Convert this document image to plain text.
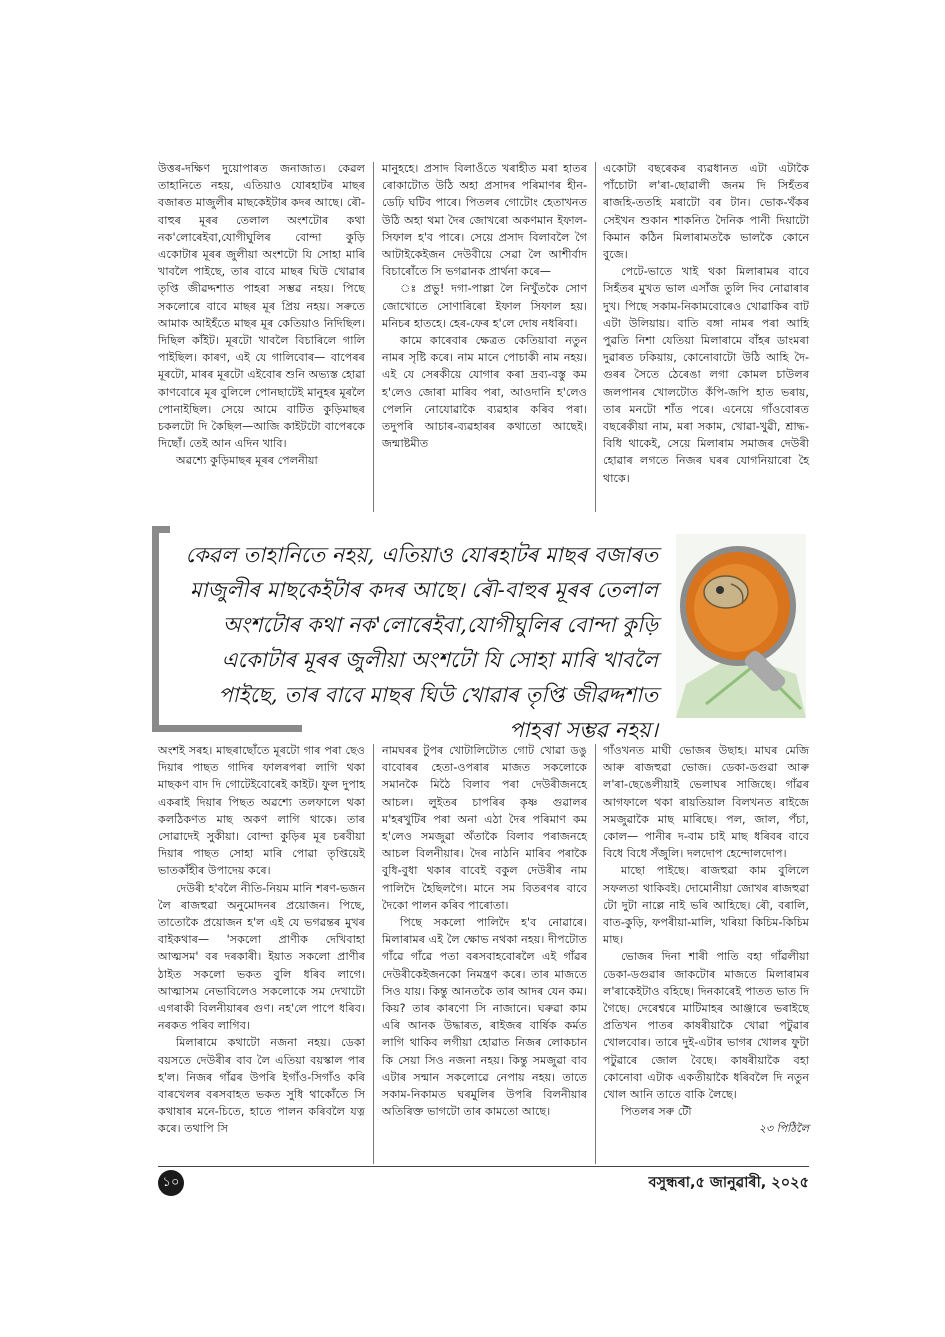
উত্তৰ-দক্ষিণ দুয়োপাৰত জনাজাত। কেৱল তাহানিতে নহয়, এতিয়াও যোৰহাটৰ মাছৰ বজাৰত মাজুলীৰ মাছকেইটাৰ কদৰ আছে। ৰৌ-বাহুৰ মূৰৰ তেলাল অংশটোৰ কথা নক'লোৰেইবা,যোগীঘুলিৰ বোন্দা কুড়ি একোটাৰ মূৰৰ জুলীয়া অংশটো যি সোহা মাৰি খাবলৈ পাইছে, তাৰ বাবে মাছৰ ঘিউ খোৱাৰ তৃপ্তি জীৱদ্দশাত পাহৰা সম্ভৱ নহয়। পিছে সকলোৰে বাবে মাছৰ মূৰ প্ৰিয় নহয়। সৰুতে আমাক আইহঁতে মাছৰ মূৰ কেতিয়াও নিদিছিল। দিছিল কাঁইট। মূৰটো খাবলৈ বিচাৰিলে গালি পাইছিল। কাৰণ, এই যে গালিবোৰ— বাপেৰৰ মূৰটো, মাৰৰ মূৰটো এইবোৰ শুনি অভ্যস্ত হোৱা কাণবোৰে মূৰ বুলিলে পোনছাটেই মানুহৰ মূৰলৈ পোনাইছিল। সেয়ে আমে বাটিত কুড়িমাছৰ চকলটো দি কৈছিল—আজি কাইটটো বাপেৰকে দিছোঁ। তেই আন এদিন খাবি।

অৱশ্যে কুড়িমাছৰ মূৰৰ পেলনীয়া

মানুহহে। প্ৰসাদ বিলাওঁতে খৰাহীত মৰা হাতৰ ৰোকাটোত উঠি অহা প্ৰসাদৰ পৰিমাণৰ হীন-ডেঢ়ি ঘটিব পাৰে। পিতলৰ গোটোং হেতাখনত উঠি অহা থমা দৈৰ জোখৰো অকণমান ইফাল-সিফাল হ'ব পাৰে। সেয়ে প্ৰসাদ বিলাবলৈ গৈ আটাইকেইজন দেউবীয়ে সেৱা লৈ আশীৰ্বাদ বিচাৰোঁতে সি ভগৱানক প্ৰাৰ্থনা কৰে—

ঃ প্ৰভু! দগা-পাল্লা লৈ নিখুঁতকৈ সোণ জোখোতে সোণাৰিৰো ইফাল সিফাল হয়। মনিচৰ হাতহে। হেৰ-ফেৰ হ'লে দোষ নধৰিবা।

কামে কাৰেবাৰ ক্ষেত্ৰত কেতিয়াবা নতুন নামৰ সৃষ্টি কৰে। নাম মানে পোচাকী নাম নহয়। এই যে সেৰকীয়ে যোগাৰ কৰা দ্ৰব্য-বস্তু কম হ'লেও জোৰা মাৰিব পৰা, আওদানি হ'লেও পেলনি নোযোৱাকৈ ব্যৱহাৰ কৰিব পৰা। তদুপৰি আচাৰ-ব্যৱহাৰৰ কথাতো আছেই। জন্মাষ্টমীত

একোটা বছৰেকৰ ব্যৱধানত এটা এটাকৈ পাঁচোটা ল'ৰা-ছোৱালী জনম দি সিহঁতৰ ৰাজহি-ততহি মৰাটো বৰ টান। ভোক-খঁকৰ সেইখন শুকান শাকনিত দৈনিক পানী দিয়াটো কিমান কঠিন মিলাৰামতকৈ ভালকৈ কোনে বুজে।

পেটে-ভাতে খাই থকা মিলাৰামৰ বাবে সিহঁতৰ মুখত ভাল এসাঁজ তুলি দিব নোৱাৰাৰ দুখ। পিছে সকাম-নিকামবোৰেও খোৱাকিৰ বাট এটা উলিয়ায়। বাতি বঙ্গা নামৰ পৰা আহি পুৱতি নিশা যেতিয়া মিলাৰামে বাঁহৰ ডাংমৰা দুৱাৰত ঢকিয়ায়, কোনোবাটো উঠি আহি দৈ-গুৰৰ সৈতে ঠেৰেঙা লগা কোমল চাউলৰ জলপানৰ খোলটোত কঁপি-জপি হাত ভৰায়, তাৰ মনটো শাঁত পৰে। এনেয়ে গাঁওবোৰত বছৰেকীয়া নাম, মৰা সকাম, খোৱা-খুৱী, শ্ৰাদ্ধ-বিধি থাকেই, সেয়ে মিলাৰাম সমাজৰ দেউৰী হোৱাৰ লগতে নিজৰ ঘৰৰ যোগনিয়াৰো হৈ থাকে।

কেৱল তাহানিতে নহয়, এতিয়াও যোৰহাটৰ মাছৰ বজাৰত মাজুলীৰ মাছকেইটাৰ কদৰ আছে। ৰৌ-বাহুৰ মূৰৰ তেলাল অংশটোৰ কথা নক'লোৰেইবা,যোগীঘুলিৰ বোন্দা কুড়ি একোটাৰ মূৰৰ জুলীয়া অংশটো যি সোহা মাৰি খাবলৈ পাইছে, তাৰ বাবে মাছৰ ঘিউ খোৱাৰ তৃপ্তি জীৱদ্দশাত পাহৰা সম্ভৱ নহয়।

অংশই সৰহ। মাছৰাছোঁতে মূৰটো গাৰ পৰা ছেও দিয়াৰ পাছত গাদিৰ ফালৰপৰা লাগি থকা মাছকণ বাদ দি গোটেইবোৰেই কাইট। ফুল দুপাহ একৰাই দিয়াৰ পিছত অৱশ্যে তলফালে থকা কলঠিকণত মাছ অকণ লাগি থাকে। তাৰ সোৱাদেই সুকীয়া। বোন্দা কুড়িৰ মূৰ চৰবীয়া দিয়াৰ পাছত সোহা মাৰি পোৱা তৃপ্তিয়েই ভাতকাঁহীৰ উপাদেয় কৰে।

দেউৰী হ'বলৈ নীতি-নিয়ম মানি শৰণ-ভজন লৈ ৰাজহুৱা অনুমোদনৰ প্ৰয়োজন। পিছে, তাতোকৈ প্ৰয়োজন হ'ল এই যে ভগৱন্তৰ মুখৰ বাইকথাৰ— 'সকলো প্ৰাণীক দেখিবাহা আত্মসম' বৰ দৰকাৰী। ইয়াত সকলো প্ৰাণীৰ ঠাইত সকলো ভকত বুলি ধৰিব লাগে। আত্মাসম নেভাবিলেও সকলোকে সম দেখাটো এগৰাকী বিলনীয়াৰৰ গুণ। নহ'লে পাপে ধৰিব। নৰকত পৰিব লাগিব।

মিলাৰামে কথাটো নজনা নহয়। ডেকা বয়সতে দেউৰীৰ বাব লৈ এতিয়া বয়স্কাল পাৰ হ'ল। নিজৰ গাঁৱৰ উপৰি ইগাঁও-সিগাঁও কৰি বাৰখেলৰ বৰসবাহত ভকত সুধি থাকোঁতে সি কথাষাৰ মনে-চিতে, হাতে পালন কৰিবলৈ যত্ন কৰে। তথাপি সি

নামঘৰৰ টুপৰ খোটালিটোত গোট খোৱা ডঙু বাবোৰৰ হেতা-ওপৰাৰ মাজত সকলোকে সমানকৈ মিঠৈ বিলাব পৰা দেউৰীজনহে আচল। লুইতৰ চাপৰিৰ কৃষ্ণ গুৱালৰ ম'হৰখুটিৰ পৰা অনা এঠা দৈৰ পৰিমাণ কম হ'লেও সমজুৱা অঁতাকৈ বিলাব পৰাজনহে আচল বিলনীয়াৰ। দৈৰ নাঠনি মাৰিব পৰাকৈ বুধি-বুধা থকাৰ বাবেই বকুল দেউৰীৰ নাম পালিদৈ হৈছিলগৈ। মানে সম বিতৰণৰ বাবে দৈকো পালন কৰিব পাৰোতা।

পিছে সকলো পালিদৈ হ'ব নোৱাৰে। মিলাৰামৰ এই লৈ ক্ষোভ নথকা নহয়। দীপটোত গাঁৱে গাঁৱে পতা বৰসবাহবোৰলৈ এই গাঁৱৰ দেউৰীকেইজনকো নিমন্ত্ৰণ কৰে। তাৰ মাজতে সিও যায়। কিন্তু আনতকৈ তাৰ আদৰ যেন কম। কিয়? তাৰ কাৰণো সি নাজানে। ঘৰুৱা কাম এৰি আনক উদ্ধাৰত, ৰাইজৰ বাৰ্ষিক কৰ্মত লাগি থাকিব লগীয়া হোৱাত নিজৰ লোকচান কি সেয়া সিও নজনা নহয়। কিন্তু সমজুৱা বাব এটাৰ সন্মান সকলোৱে নেপায় নহয়। তাতে সকাম-নিকামত ঘৰমুলিৰ উপৰি বিলনীয়াৰ অতিৰিক্ত ভাগটো তাৰ কামতো আছে।

গাঁওখনত মাঘী ভোজৰ উছাহ। মাঘৰ মেজি আৰু ৰাজহুৱা ভোজ। ডেকা-ডগুৱা আৰু ল'ৰা-ছেঙেলীয়াই ভেলাঘৰ সাজিছে। গাঁৱৰ আগফালে থকা ৰায়তিয়াল বিলখনত ৰাইজে সমজুৱাকৈ মাছ মাৰিছে। পল, জাল, পঁচা, কোল— পানীৰ দ-বাম চাই মাছ ধৰিবৰ বাবে বিধে বিধে সঁজুলি। দলদোপ হেন্দোলদোপ।

মাছো পাইছে। ৰাজহুৱা কাম বুলিলে সফলতা থাকিবই। দোমোনীয়া জোখৰ ৰাজহুৱা টো দুটা নাল্লে নাই ভৰি আহিছে। ৰৌ, বৰালি, বাত-কুড়ি, ফপৰীয়া-মালি, খৰিয়া কিচিম-কিচিম মাছ।

ভোজৰ দিনা শাৰী পাতি বহা গাঁৱলীয়া ডেকা-ডগুৱাৰ জাকটোৰ মাজতে মিলাৰামৰ ল'ৰাকেইটাও বহিছে। দিনকাৰেই পাতত ভাত দি গৈছে। দেৰেশ্বৰে মাটিমাহৰ আঞ্জাৰে ভৰাইছে প্ৰতিখন পাতৰ কাষৰীয়াকৈ খোৱা পটুৱাৰ খোলবোৰ। তাৰে দুই-এটাৰ ভাগৰ খোলৰ ফুটা পটুৱাৰে জোল বৈছে। কাষৰীয়াকৈ বহা কোনোবা এটাক একতীয়াকৈ ধৰিবলৈ দি নতুন খোল আনি তাতে বাকি লৈছে।

পিতলৰ সৰু টৌ

২৩ পিঠিলৈ
১০	বসুন্ধৰা,৫ জানুৱাৰী, ২০২৫
